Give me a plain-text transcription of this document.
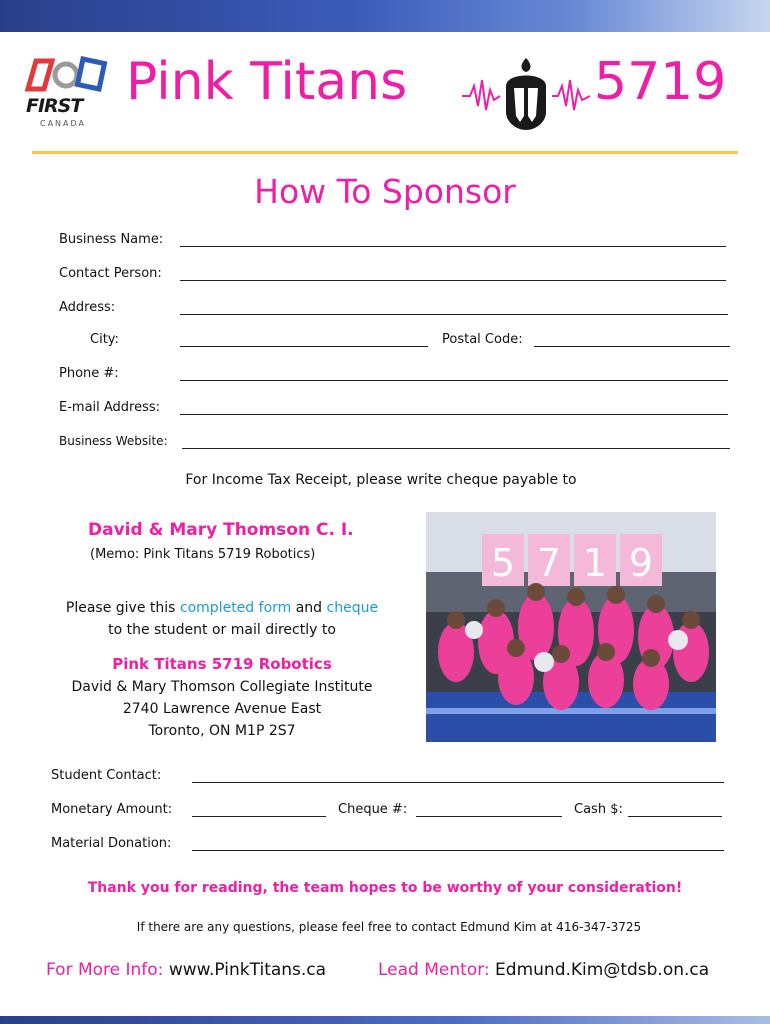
FIRST
CANADA
Pink Titans	5719
How To Sponsor
Business Name:
Contact Person:
Address:
City:	Postal Code:
Phone #:
E-mail Address:
Business Website:
For Income Tax Receipt, please write cheque payable to
David & Mary Thomson C. I.
(Memo: Pink Titans 5719 Robotics)
Please give this completed form and cheque
to the student or mail directly to
Pink Titans 5719 Robotics
David & Mary Thomson Collegiate Institute
2740 Lawrence Avenue East
Toronto, ON M1P 2S7
5 7 1 9
Student Contact:
Monetary Amount:	Cheque #:	Cash $:
Material Donation:
Thank you for reading, the team hopes to be worthy of your consideration!
If there are any questions, please feel free to contact Edmund Kim at 416-347-3725
For More Info: www.PinkTitans.ca	Lead Mentor: Edmund.Kim@tdsb.on.ca
